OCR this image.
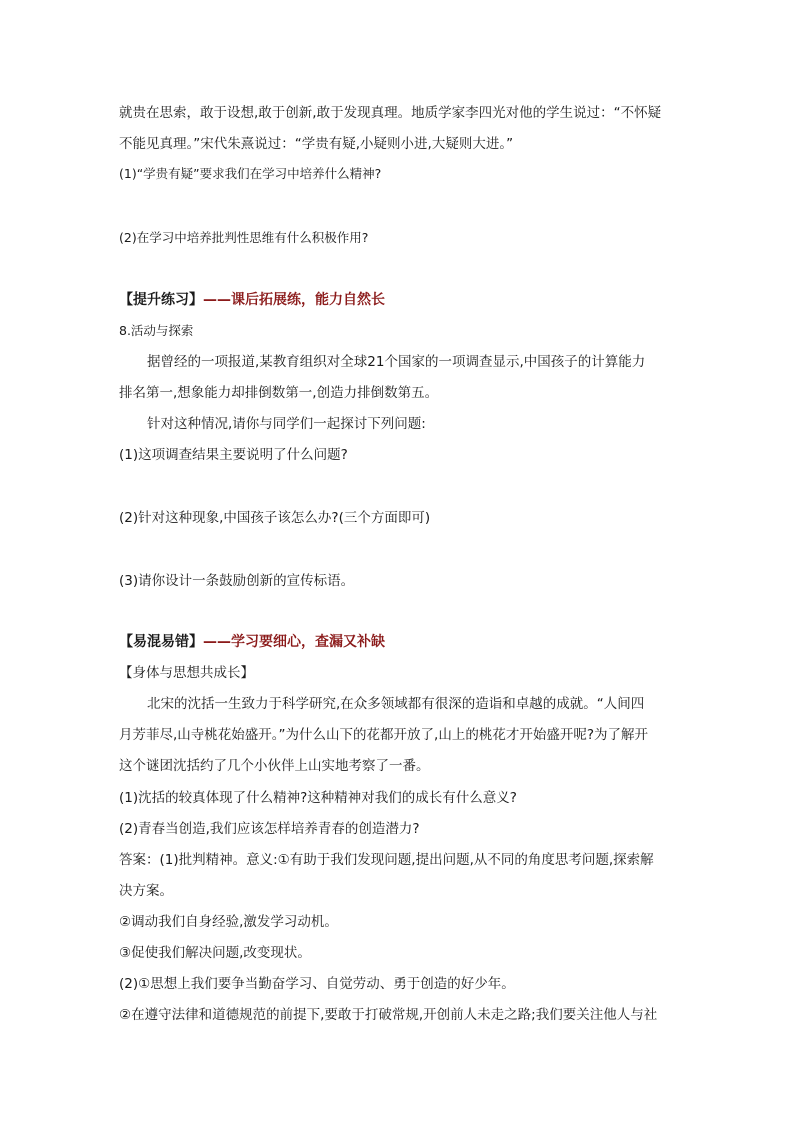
就贵在思索，敢于设想,敢于创新,敢于发现真理。地质学家李四光对他的学生说过：“不怀疑
不能见真理。”宋代朱熹说过：“学贵有疑,小疑则小进,大疑则大进。”
(1)“学贵有疑”要求我们在学习中培养什么精神?
(2)在学习中培养批判性思维有什么积极作用?
【提升练习】——课后拓展练，能力自然长
8.活动与探索
据曾经的一项报道,某教育组织对全球21个国家的一项调查显示,中国孩子的计算能力
排名第一,想象能力却排倒数第一,创造力排倒数第五。
针对这种情况,请你与同学们一起探讨下列问题:
(1)这项调查结果主要说明了什么问题?
(2)针对这种现象,中国孩子该怎么办?(三个方面即可)
(3)请你设计一条鼓励创新的宣传标语。
【易混易错】——学习要细心，查漏又补缺
【身体与思想共成长】
北宋的沈括一生致力于科学研究,在众多领域都有很深的造诣和卓越的成就。“人间四
月芳菲尽,山寺桃花始盛开。”为什么山下的花都开放了,山上的桃花才开始盛开呢?为了解开
这个谜团沈括约了几个小伙伴上山实地考察了一番。
(1)沈括的较真体现了什么精神?这种精神对我们的成长有什么意义?
(2)青春当创造,我们应该怎样培养青春的创造潜力?
答案：(1)批判精神。意义:①有助于我们发现问题,提出问题,从不同的角度思考问题,探索解
决方案。
②调动我们自身经验,激发学习动机。
③促使我们解决问题,改变现状。
(2)①思想上我们要争当勤奋学习、自觉劳动、勇于创造的好少年。
②在遵守法律和道德规范的前提下,要敢于打破常规,开创前人未走之路;我们要关注他人与社
